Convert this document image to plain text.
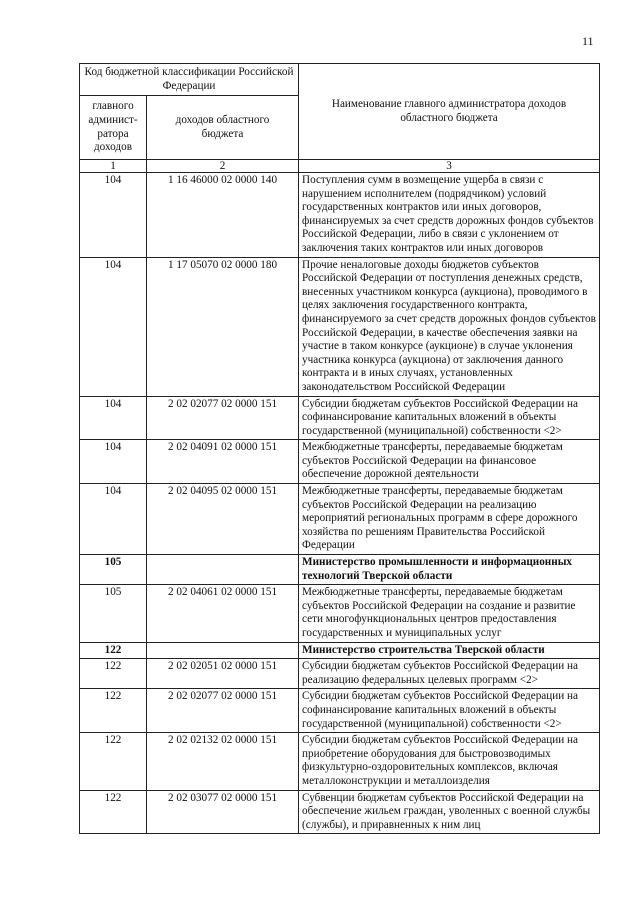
11
Код бюджетной классификации Российской Федерации		Наименование главного администратора доходов областного бюджета
главного админист-ратора доходов	доходов областного бюджета	
1	2	3
104	1 16 46000 02 0000 140	Поступления сумм в возмещение ущерба в связи с нарушением исполнителем (подрядчиком) условий государственных контрактов или иных договоров, финансируемых за счет средств дорожных фондов субъектов Российской Федерации, либо в связи с уклонением от заключения таких контрактов или иных договоров
104	1 17 05070 02 0000 180	Прочие неналоговые доходы бюджетов субъектов Российской Федерации от поступления денежных средств, внесенных участником конкурса (аукциона), проводимого в целях заключения государственного контракта, финансируемого за счет средств дорожных фондов субъектов Российской Федерации, в качестве обеспечения заявки на участие в таком конкурсе (аукционе) в случае уклонения участника конкурса (аукциона) от заключения данного контракта и в иных случаях, установленных законодательством Российской Федерации
104	2 02 02077 02 0000 151	Субсидии бюджетам субъектов Российской Федерации на софинансирование капитальных вложений в объекты государственной (муниципальной) собственности <2>
104	2 02 04091 02 0000 151	Межбюджетные трансферты, передаваемые бюджетам субъектов Российской Федерации на финансовое обеспечение дорожной деятельности
104	2 02 04095 02 0000 151	Межбюджетные трансферты, передаваемые бюджетам субъектов Российской Федерации на реализацию мероприятий региональных программ в сфере дорожного хозяйства по решениям Правительства Российской Федерации
105		Министерство промышленности и информационных технологий Тверской области
105	2 02 04061 02 0000 151	Межбюджетные трансферты, передаваемые бюджетам субъектов Российской Федерации на создание и развитие сети многофункциональных центров предоставления государственных и муниципальных услуг
122		Министерство строительства Тверской области
122	2 02 02051 02 0000 151	Субсидии бюджетам субъектов Российской Федерации на реализацию федеральных целевых программ <2>
122	2 02 02077 02 0000 151	Субсидии бюджетам субъектов Российской Федерации на софинансирование капитальных вложений в объекты государственной (муниципальной) собственности <2>
122	2 02 02132 02 0000 151	Субсидии бюджетам субъектов Российской Федерации на приобретение оборудования для быстровозводимых физкультурно-оздоровительных комплексов, включая металлоконструкции и металлоизделия
122	2 02 03077 02 0000 151	Субвенции бюджетам субъектов Российской Федерации на обеспечение жильем граждан, уволенных с военной службы (службы), и приравненных к ним лиц
